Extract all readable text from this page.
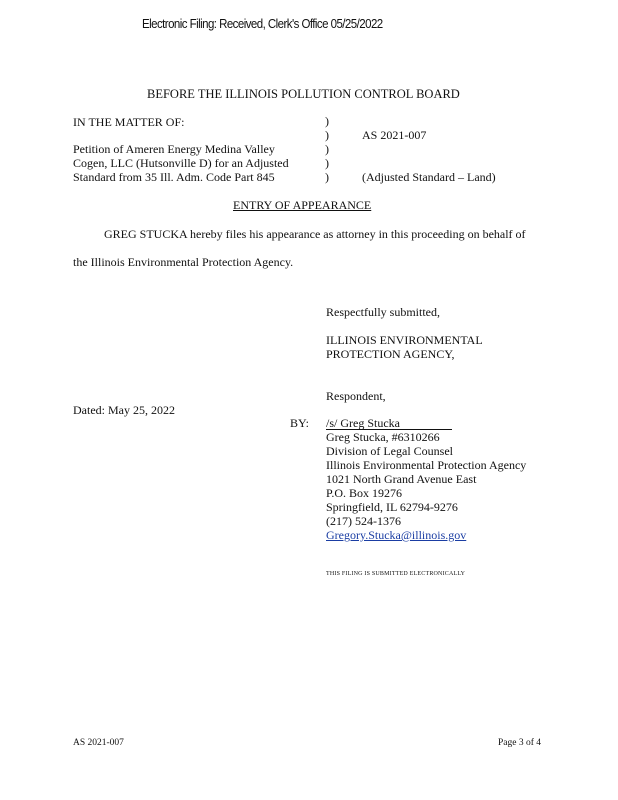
Electronic Filing: Received, Clerk's Office 05/25/2022
BEFORE THE ILLINOIS POLLUTION CONTROL BOARD
IN THE MATTER OF:
Petition of Ameren Energy Medina Valley
Cogen, LLC (Hutsonville D) for an Adjusted
Standard from 35 Ill. Adm. Code Part 845
)
)
)
)
)
AS 2021-007
(Adjusted Standard – Land)
ENTRY OF APPEARANCE
GREG STUCKA hereby files his appearance as attorney in this proceeding on behalf of
the Illinois Environmental Protection Agency.
Respectfully submitted,
ILLINOIS ENVIRONMENTAL
PROTECTION AGENCY,
Respondent,
Dated: May 25, 2022
BY: /s/ Greg Stucka
Greg Stucka, #6310266
Division of Legal Counsel
Illinois Environmental Protection Agency
1021 North Grand Avenue East
P.O. Box 19276
Springfield, IL 62794-9276
(217) 524-1376
Gregory.Stucka@illinois.gov
THIS FILING IS SUBMITTED ELECTRONICALLY
AS 2021-007	Page 3 of 4
